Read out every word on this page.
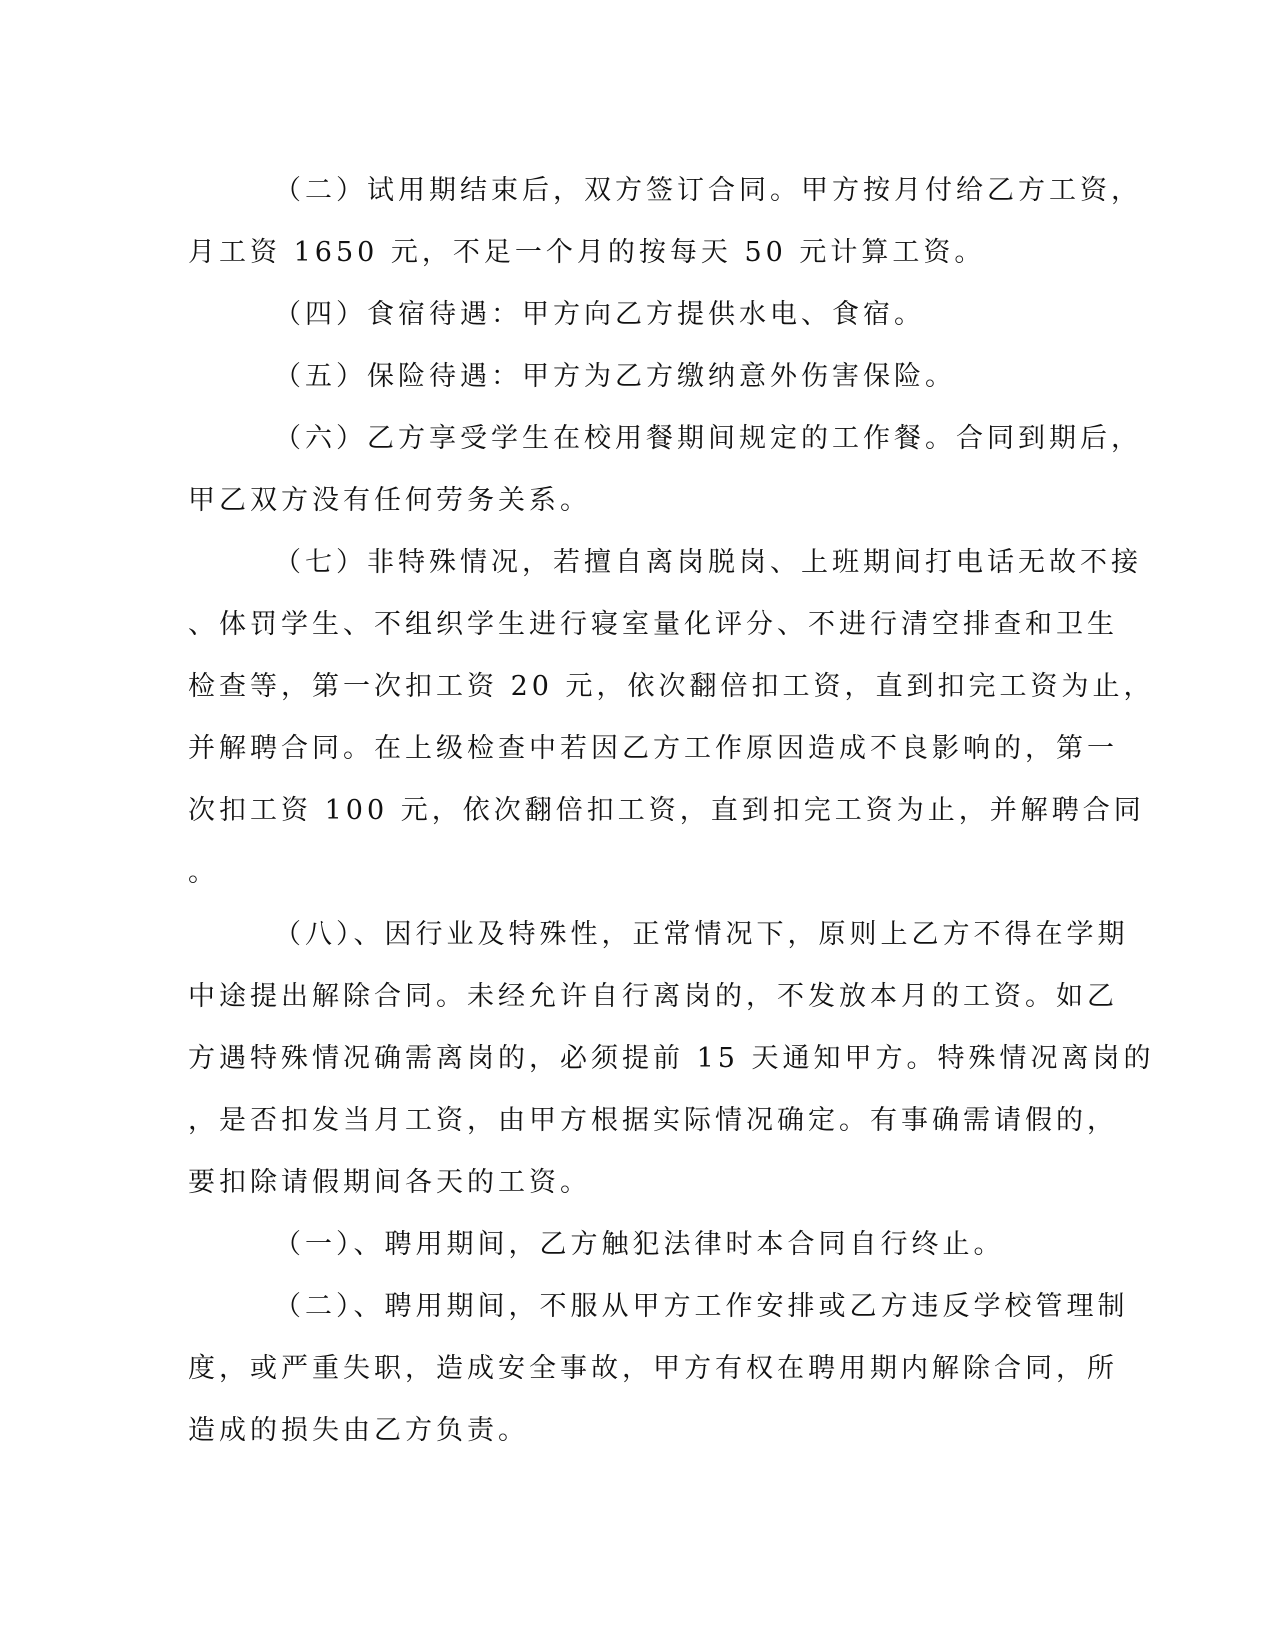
（二）试用期结束后，双方签订合同。甲方按月付给乙方工资，
月工资 1650 元，不足一个月的按每天 50 元计算工资。
（四）食宿待遇：甲方向乙方提供水电、食宿。
（五）保险待遇：甲方为乙方缴纳意外伤害保险。
（六）乙方享受学生在校用餐期间规定的工作餐。合同到期后，
甲乙双方没有任何劳务关系。
（七）非特殊情况，若擅自离岗脱岗、上班期间打电话无故不接
、体罚学生、不组织学生进行寝室量化评分、不进行清空排查和卫生
检查等，第一次扣工资 20 元，依次翻倍扣工资，直到扣完工资为止，
并解聘合同。在上级检查中若因乙方工作原因造成不良影响的，第一
次扣工资 100 元，依次翻倍扣工资，直到扣完工资为止，并解聘合同
。
（八）、因行业及特殊性，正常情况下，原则上乙方不得在学期
中途提出解除合同。未经允许自行离岗的，不发放本月的工资。如乙
方遇特殊情况确需离岗的，必须提前 15 天通知甲方。特殊情况离岗的
，是否扣发当月工资，由甲方根据实际情况确定。有事确需请假的，
要扣除请假期间各天的工资。
（一）、聘用期间，乙方触犯法律时本合同自行终止。
（二）、聘用期间，不服从甲方工作安排或乙方违反学校管理制
度，或严重失职，造成安全事故，甲方有权在聘用期内解除合同，所
造成的损失由乙方负责。
